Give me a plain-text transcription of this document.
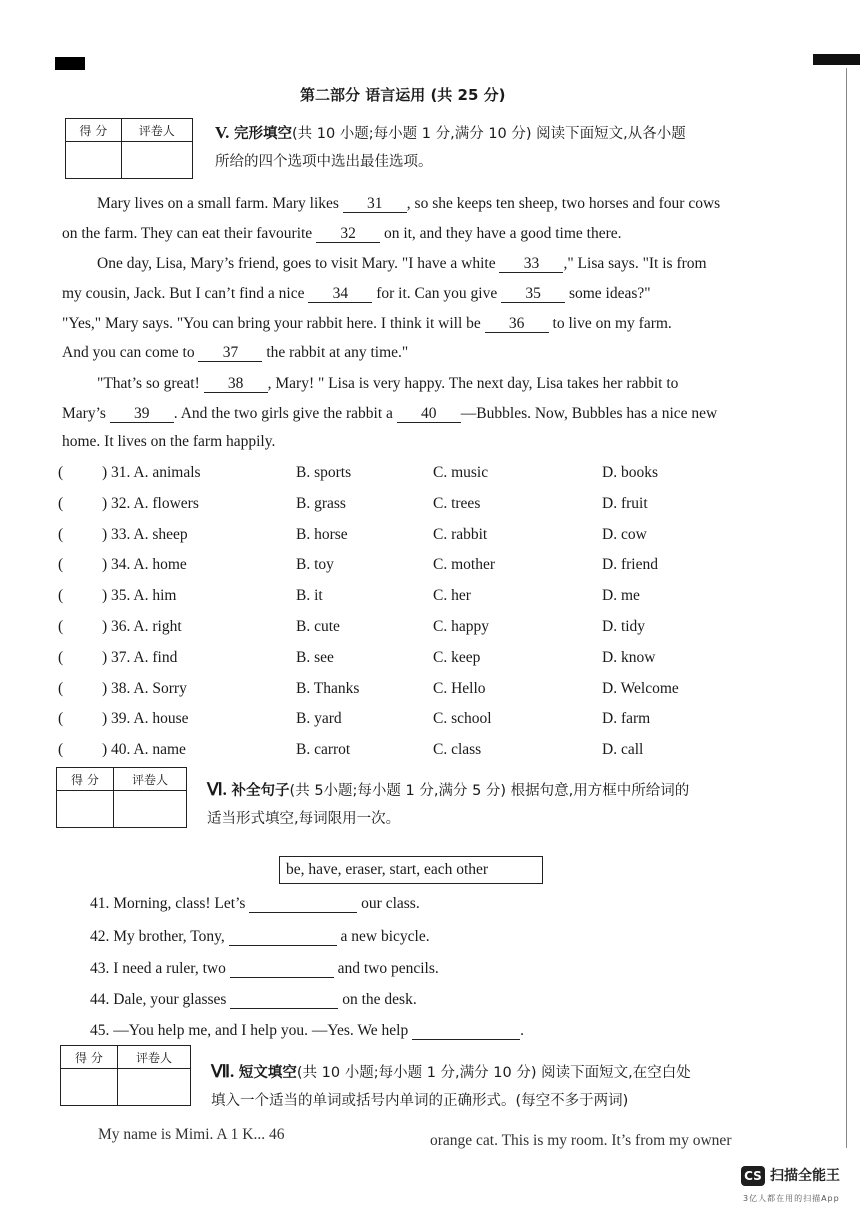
第二部分 语言运用 (共 25 分)
得 分	评卷人
	V. 完形填空(共 10 小题;每小题 1 分,满分 10 分) 阅读下面短文,从各小题
所给的四个选项中选出最佳选项。
Mary lives on a small farm. Mary likes 31 , so she keeps ten sheep, two horses and four cows
on the farm. They can eat their favourite 32 on it, and they have a good time there.
One day, Lisa, Mary’s friend, goes to visit Mary. "I have a white 33 ," Lisa says. "It is from
my cousin, Jack. But I can’t find a nice 34 for it. Can you give 35 some ideas?"
"Yes," Mary says. "You can bring your rabbit here. I think it will be 36 to live on my farm.
And you can come to 37 the rabbit at any time."
"That’s so great! 38 , Mary! " Lisa is very happy. The next day, Lisa takes her rabbit to
Mary’s 39 . And the two girls give the rabbit a 40 —Bubbles. Now, Bubbles has a nice new
home. It lives on the farm happily.
(	) 31. A. animals	B. sports	C. music	D. books
(	) 32. A. flowers	B. grass	C. trees	D. fruit
(	) 33. A. sheep	B. horse	C. rabbit	D. cow
(	) 34. A. home	B. toy	C. mother	D. friend
(	) 35. A. him	B. it	C. her	D. me
(	) 36. A. right	B. cute	C. happy	D. tidy
(	) 37. A. find	B. see	C. keep	D. know
(	) 38. A. Sorry	B. Thanks	C. Hello	D. Welcome
(	) 39. A. house	B. yard	C. school	D. farm
(	) 40. A. name	B. carrot	C. class	D. call
得 分	评卷人

Ⅵ. 补全句子(共 5小题;每小题 1 分,满分 5 分) 根据句意,用方框中所给词的
适当形式填空,每词限用一次。
be, have, eraser, start, each other
41. Morning, class! Let’s	our class.
42. My brother, Tony,	a new bicycle.
43. I need a ruler, two	and two pencils.
44. Dale, your glasses	on the desk.
45. —You help me, and I help you. —Yes. We help	.
得 分	评卷人

Ⅶ. 短文填空(共 10 小题;每小题 1 分,满分 10 分) 阅读下面短文,在空白处
填入一个适当的单词或括号内单词的正确形式。(每空不多于两词)
My name is Mimi. A 1 K... 46	orange cat. This is my room. It’s from my owner
CS 扫描全能王
3亿人都在用的扫描App
